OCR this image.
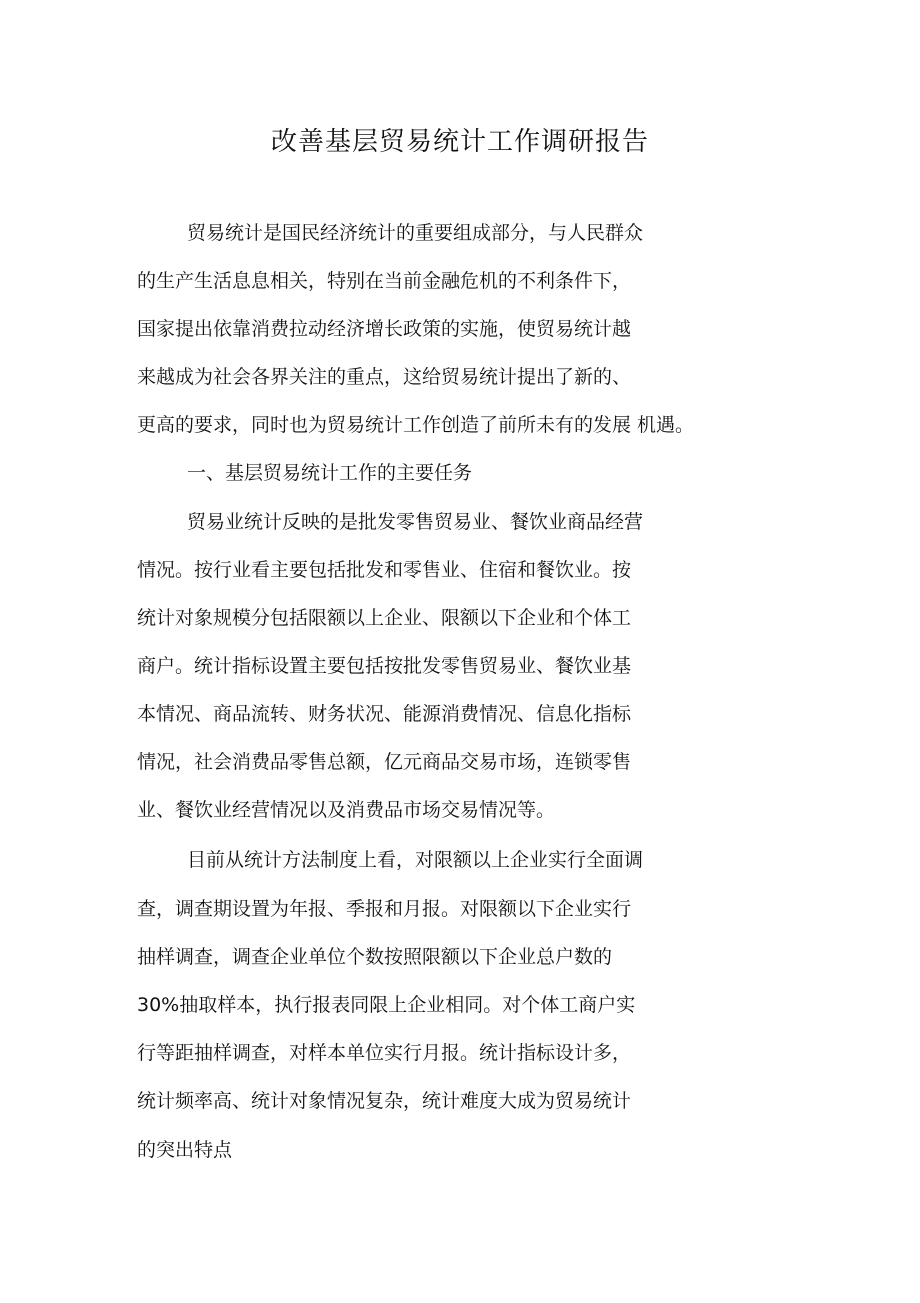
改善基层贸易统计工作调研报告
贸易统计是国民经济统计的重要组成部分，与人民群众
的生产生活息息相关，特别在当前金融危机的不利条件下，
国家提出依靠消费拉动经济增长政策的实施，使贸易统计越
来越成为社会各界关注的重点，这给贸易统计提出了新的、
更高的要求，同时也为贸易统计工作创造了前所未有的发展 机遇。
一、基层贸易统计工作的主要任务
贸易业统计反映的是批发零售贸易业、餐饮业商品经营
情况。按行业看主要包括批发和零售业、住宿和餐饮业。按
统计对象规模分包括限额以上企业、限额以下企业和个体工
商户。统计指标设置主要包括按批发零售贸易业、餐饮业基
本情况、商品流转、财务状况、能源消费情况、信息化指标
情况，社会消费品零售总额，亿元商品交易市场，连锁零售
业、餐饮业经营情况以及消费品市场交易情况等。
目前从统计方法制度上看，对限额以上企业实行全面调
查，调查期设置为年报、季报和月报。对限额以下企业实行
抽样调查，调查企业单位个数按照限额以下企业总户数的
30%抽取样本，执行报表同限上企业相同。对个体工商户实
行等距抽样调查，对样本单位实行月报。统计指标设计多，
统计频率高、统计对象情况复杂，统计难度大成为贸易统计
的突出特点
